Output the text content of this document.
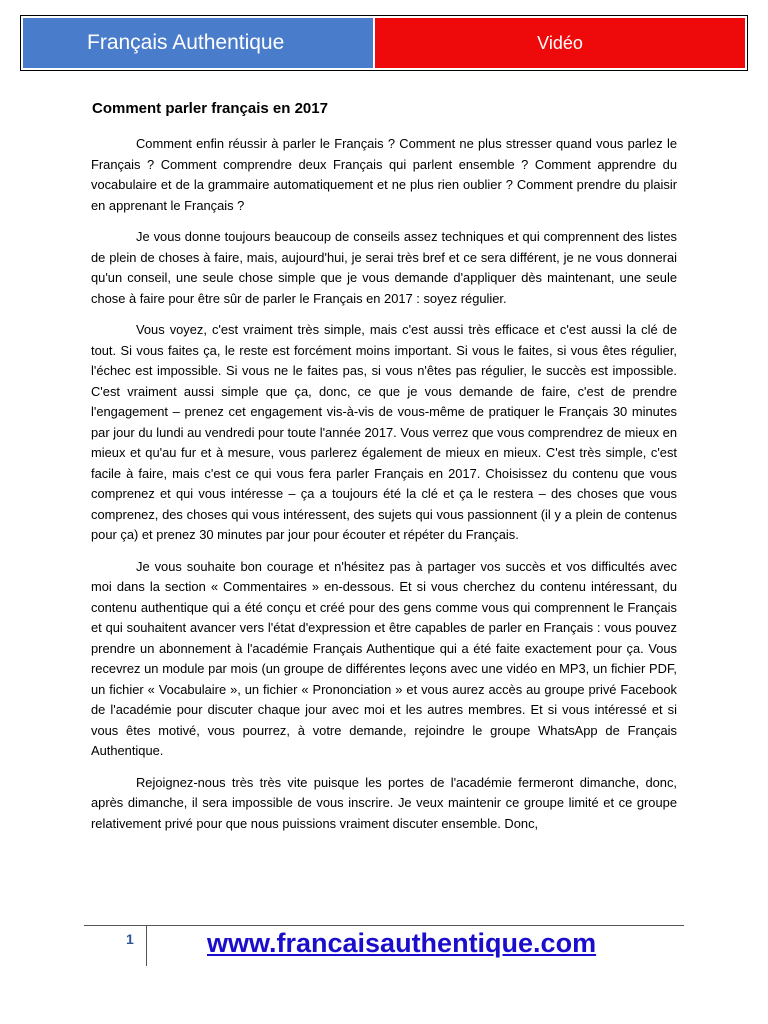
Français Authentique	Vidéo
Comment parler français en 2017

Comment enfin réussir à parler le Français ? Comment ne plus stresser quand vous parlez le Français ? Comment comprendre deux Français qui parlent ensemble ? Comment apprendre du vocabulaire et de la grammaire automatiquement et ne plus rien oublier ? Comment prendre du plaisir en apprenant le Français ?

Je vous donne toujours beaucoup de conseils assez techniques et qui comprennent des listes de plein de choses à faire, mais, aujourd'hui, je serai très bref et ce sera différent, je ne vous donnerai qu'un conseil, une seule chose simple que je vous demande d'appliquer dès maintenant, une seule chose à faire pour être sûr de parler le Français en 2017 : soyez régulier.

Vous voyez, c'est vraiment très simple, mais c'est aussi très efficace et c'est aussi la clé de tout. Si vous faites ça, le reste est forcément moins important. Si vous le faites, si vous êtes régulier, l'échec est impossible. Si vous ne le faites pas, si vous n'êtes pas régulier, le succès est impossible. C'est vraiment aussi simple que ça, donc, ce que je vous demande de faire, c'est de prendre l'engagement – prenez cet engagement vis-à-vis de vous-même de pratiquer le Français 30 minutes par jour du lundi au vendredi pour toute l'année 2017. Vous verrez que vous comprendrez de mieux en mieux et qu'au fur et à mesure, vous parlerez également de mieux en mieux. C'est très simple, c'est facile à faire, mais c'est ce qui vous fera parler Français en 2017. Choisissez du contenu que vous comprenez et qui vous intéresse – ça a toujours été la clé et ça le restera – des choses que vous comprenez, des choses qui vous intéressent, des sujets qui vous passionnent (il y a plein de contenus pour ça) et prenez 30 minutes par jour pour écouter et répéter du Français.

Je vous souhaite bon courage et n'hésitez pas à partager vos succès et vos difficultés avec moi dans la section « Commentaires » en-dessous. Et si vous cherchez du contenu intéressant, du contenu authentique qui a été conçu et créé pour des gens comme vous qui comprennent le Français et qui souhaitent avancer vers l'état d'expression et être capables de parler en Français : vous pouvez prendre un abonnement à l'académie Français Authentique qui a été faite exactement pour ça. Vous recevrez un module par mois (un groupe de différentes leçons avec une vidéo en MP3, un fichier PDF, un fichier « Vocabulaire », un fichier « Prononciation » et vous aurez accès au groupe privé Facebook de l'académie pour discuter chaque jour avec moi et les autres membres. Et si vous intéressé et si vous êtes motivé, vous pourrez, à votre demande, rejoindre le groupe WhatsApp de Français Authentique.

Rejoignez-nous très très vite puisque les portes de l'académie fermeront dimanche, donc, après dimanche, il sera impossible de vous inscrire. Je veux maintenir ce groupe limité et ce groupe relativement privé pour que nous puissions vraiment discuter ensemble. Donc,

1	www.francaisauthentique.com
